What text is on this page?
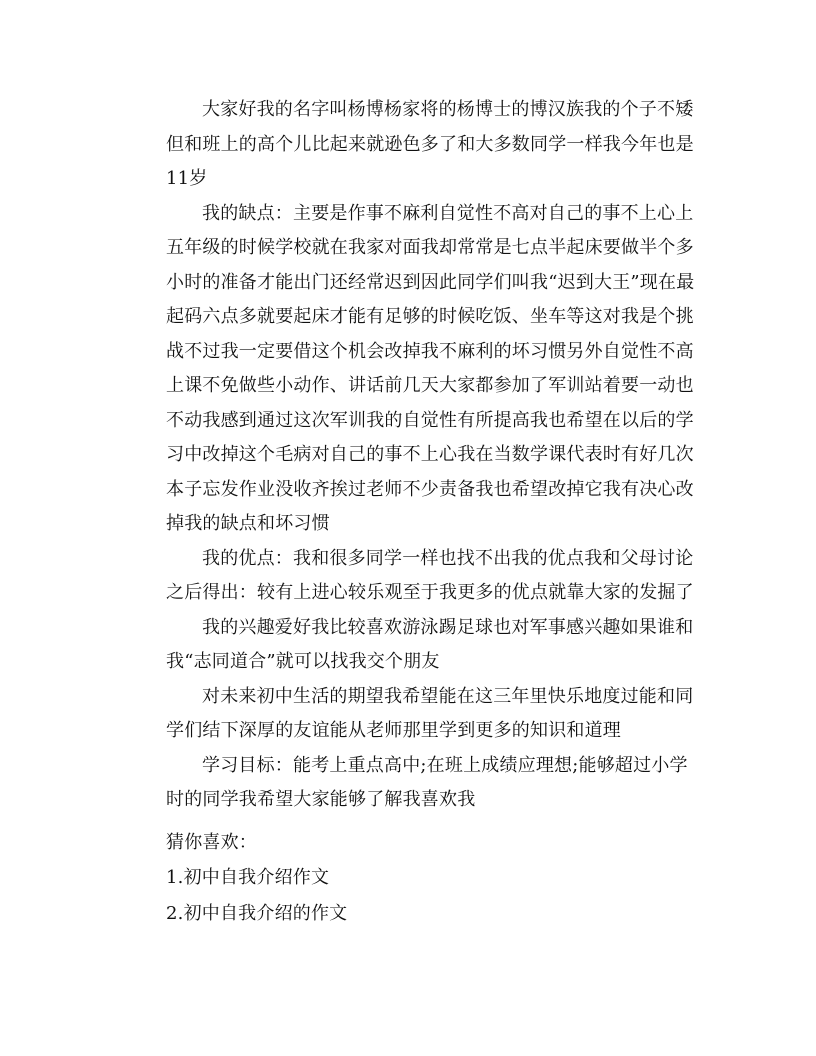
大家好我的名字叫杨博杨家将的杨博士的博汉族我的个子不矮但和班上的高个儿比起来就逊色多了和大多数同学一样我今年也是11岁

我的缺点：主要是作事不麻利自觉性不高对自己的事不上心上五年级的时候学校就在我家对面我却常常是七点半起床要做半个多小时的准备才能出门还经常迟到因此同学们叫我“迟到大王”现在最起码六点多就要起床才能有足够的时候吃饭、坐车等这对我是个挑战不过我一定要借这个机会改掉我不麻利的坏习惯另外自觉性不高上课不免做些小动作、讲话前几天大家都参加了军训站着要一动也不动我感到通过这次军训我的自觉性有所提高我也希望在以后的学习中改掉这个毛病对自己的事不上心我在当数学课代表时有好几次本子忘发作业没收齐挨过老师不少责备我也希望改掉它我有决心改掉我的缺点和坏习惯

我的优点：我和很多同学一样也找不出我的优点我和父母讨论之后得出：较有上进心较乐观至于我更多的优点就靠大家的发掘了

我的兴趣爱好我比较喜欢游泳踢足球也对军事感兴趣如果谁和我“志同道合”就可以找我交个朋友

对未来初中生活的期望我希望能在这三年里快乐地度过能和同学们结下深厚的友谊能从老师那里学到更多的知识和道理

学习目标：能考上重点高中;在班上成绩应理想;能够超过小学时的同学我希望大家能够了解我喜欢我

猜你喜欢：

1.初中自我介绍作文

2.初中自我介绍的作文
